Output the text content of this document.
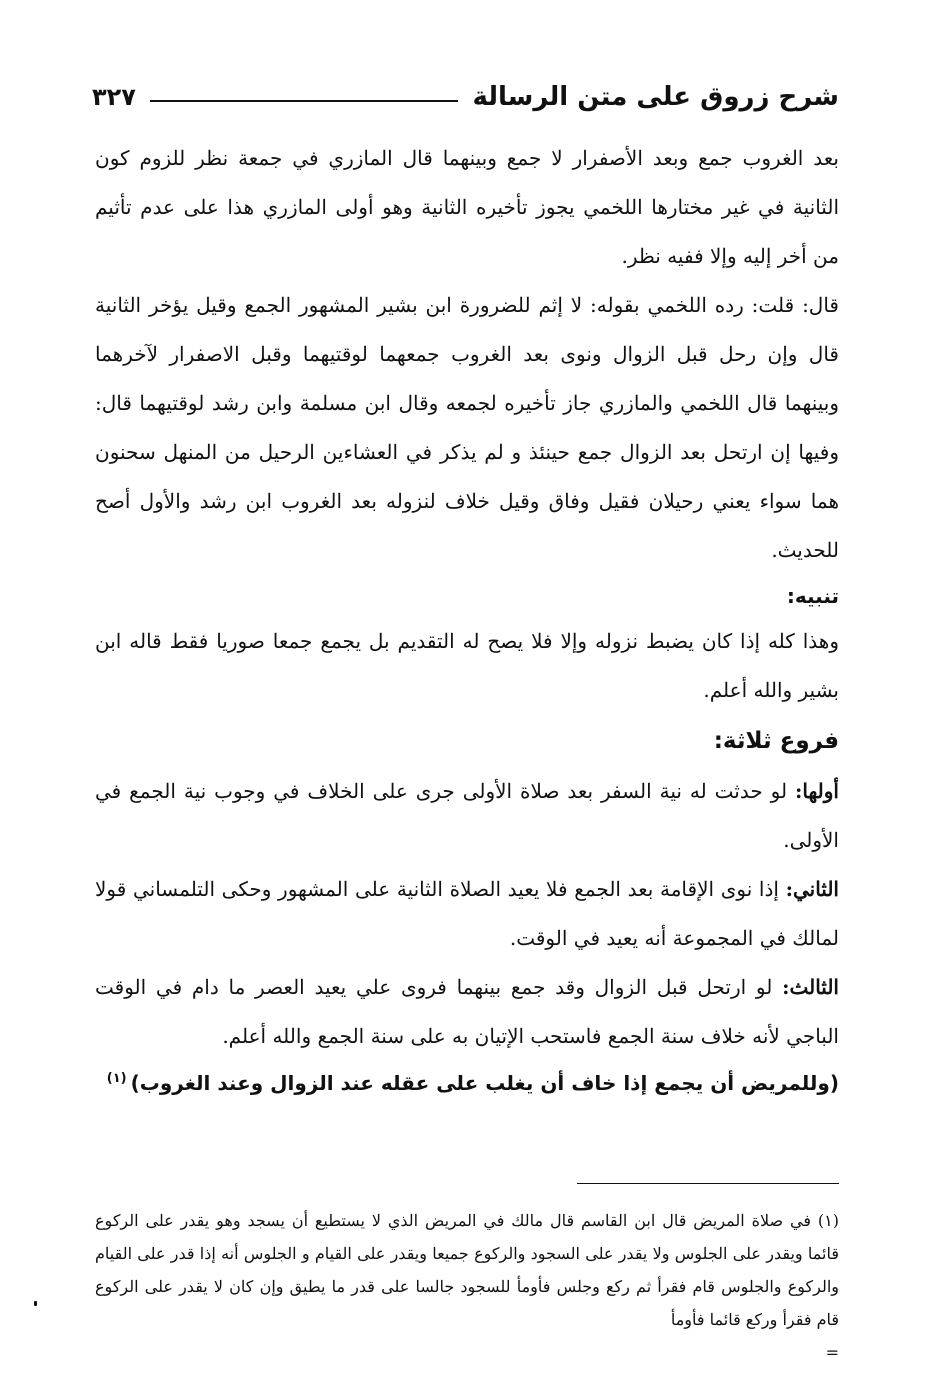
شرح زروق على متن الرسالة
٣٢٧

بعد الغروب جمع وبعد الأصفرار لا جمع وبينهما قال المازري في جمعة نظر للزوم كون الثانية في غير مختارها اللخمي يجوز تأخيره الثانية وهو أولى المازري هذا على عدم تأثيم من أخر إليه وإلا ففيه نظر.

قال: قلت: رده اللخمي بقوله: لا إثم للضرورة ابن بشير المشهور الجمع وقيل يؤخر الثانية قال وإن رحل قبل الزوال ونوى بعد الغروب جمعهما لوقتيهما وقبل الاصفرار لآخرهما وبينهما قال اللخمي والمازري جاز تأخيره لجمعه وقال ابن مسلمة وابن رشد لوقتيهما قال: وفيها إن ارتحل بعد الزوال جمع حينئذ و لم يذكر في العشاءين الرحيل من المنهل سحنون هما سواء يعني رحيلان فقيل وفاق وقيل خلاف لنزوله بعد الغروب ابن رشد والأول أصح للحديث.

تنبيه:

وهذا كله إذا كان يضبط نزوله وإلا فلا يصح له التقديم بل يجمع جمعا صوريا فقط قاله ابن بشير والله أعلم.

فروع ثلاثة:

أولها: لو حدثت له نية السفر بعد صلاة الأولى جرى على الخلاف في وجوب نية الجمع في الأولى.

الثاني: إذا نوى الإقامة بعد الجمع فلا يعيد الصلاة الثانية على المشهور وحكى التلمساني قولا لمالك في المجموعة أنه يعيد في الوقت.

الثالث: لو ارتحل قبل الزوال وقد جمع بينهما فروى علي يعيد العصر ما دام في الوقت الباجي لأنه خلاف سنة الجمع فاستحب الإتيان به على سنة الجمع والله أعلم.

(وللمريض أن يجمع إذا خاف أن يغلب على عقله عند الزوال وعند الغروب)$^{(١)}$

(١) في صلاة المريض قال ابن القاسم قال مالك في المريض الذي لا يستطيع أن يسجد وهو يقدر على الركوع قائما ويقدر على الجلوس ولا يقدر على السجود والركوع جميعا ويقدر على القيام و الجلوس أنه إذا قدر على القيام والركوع والجلوس قام فقرأ ثم ركع وجلس فأومأ للسجود جالسا على قدر ما يطيق وإن كان لا يقدر على الركوع قام فقرأ وركع قائما فأومأ
=
